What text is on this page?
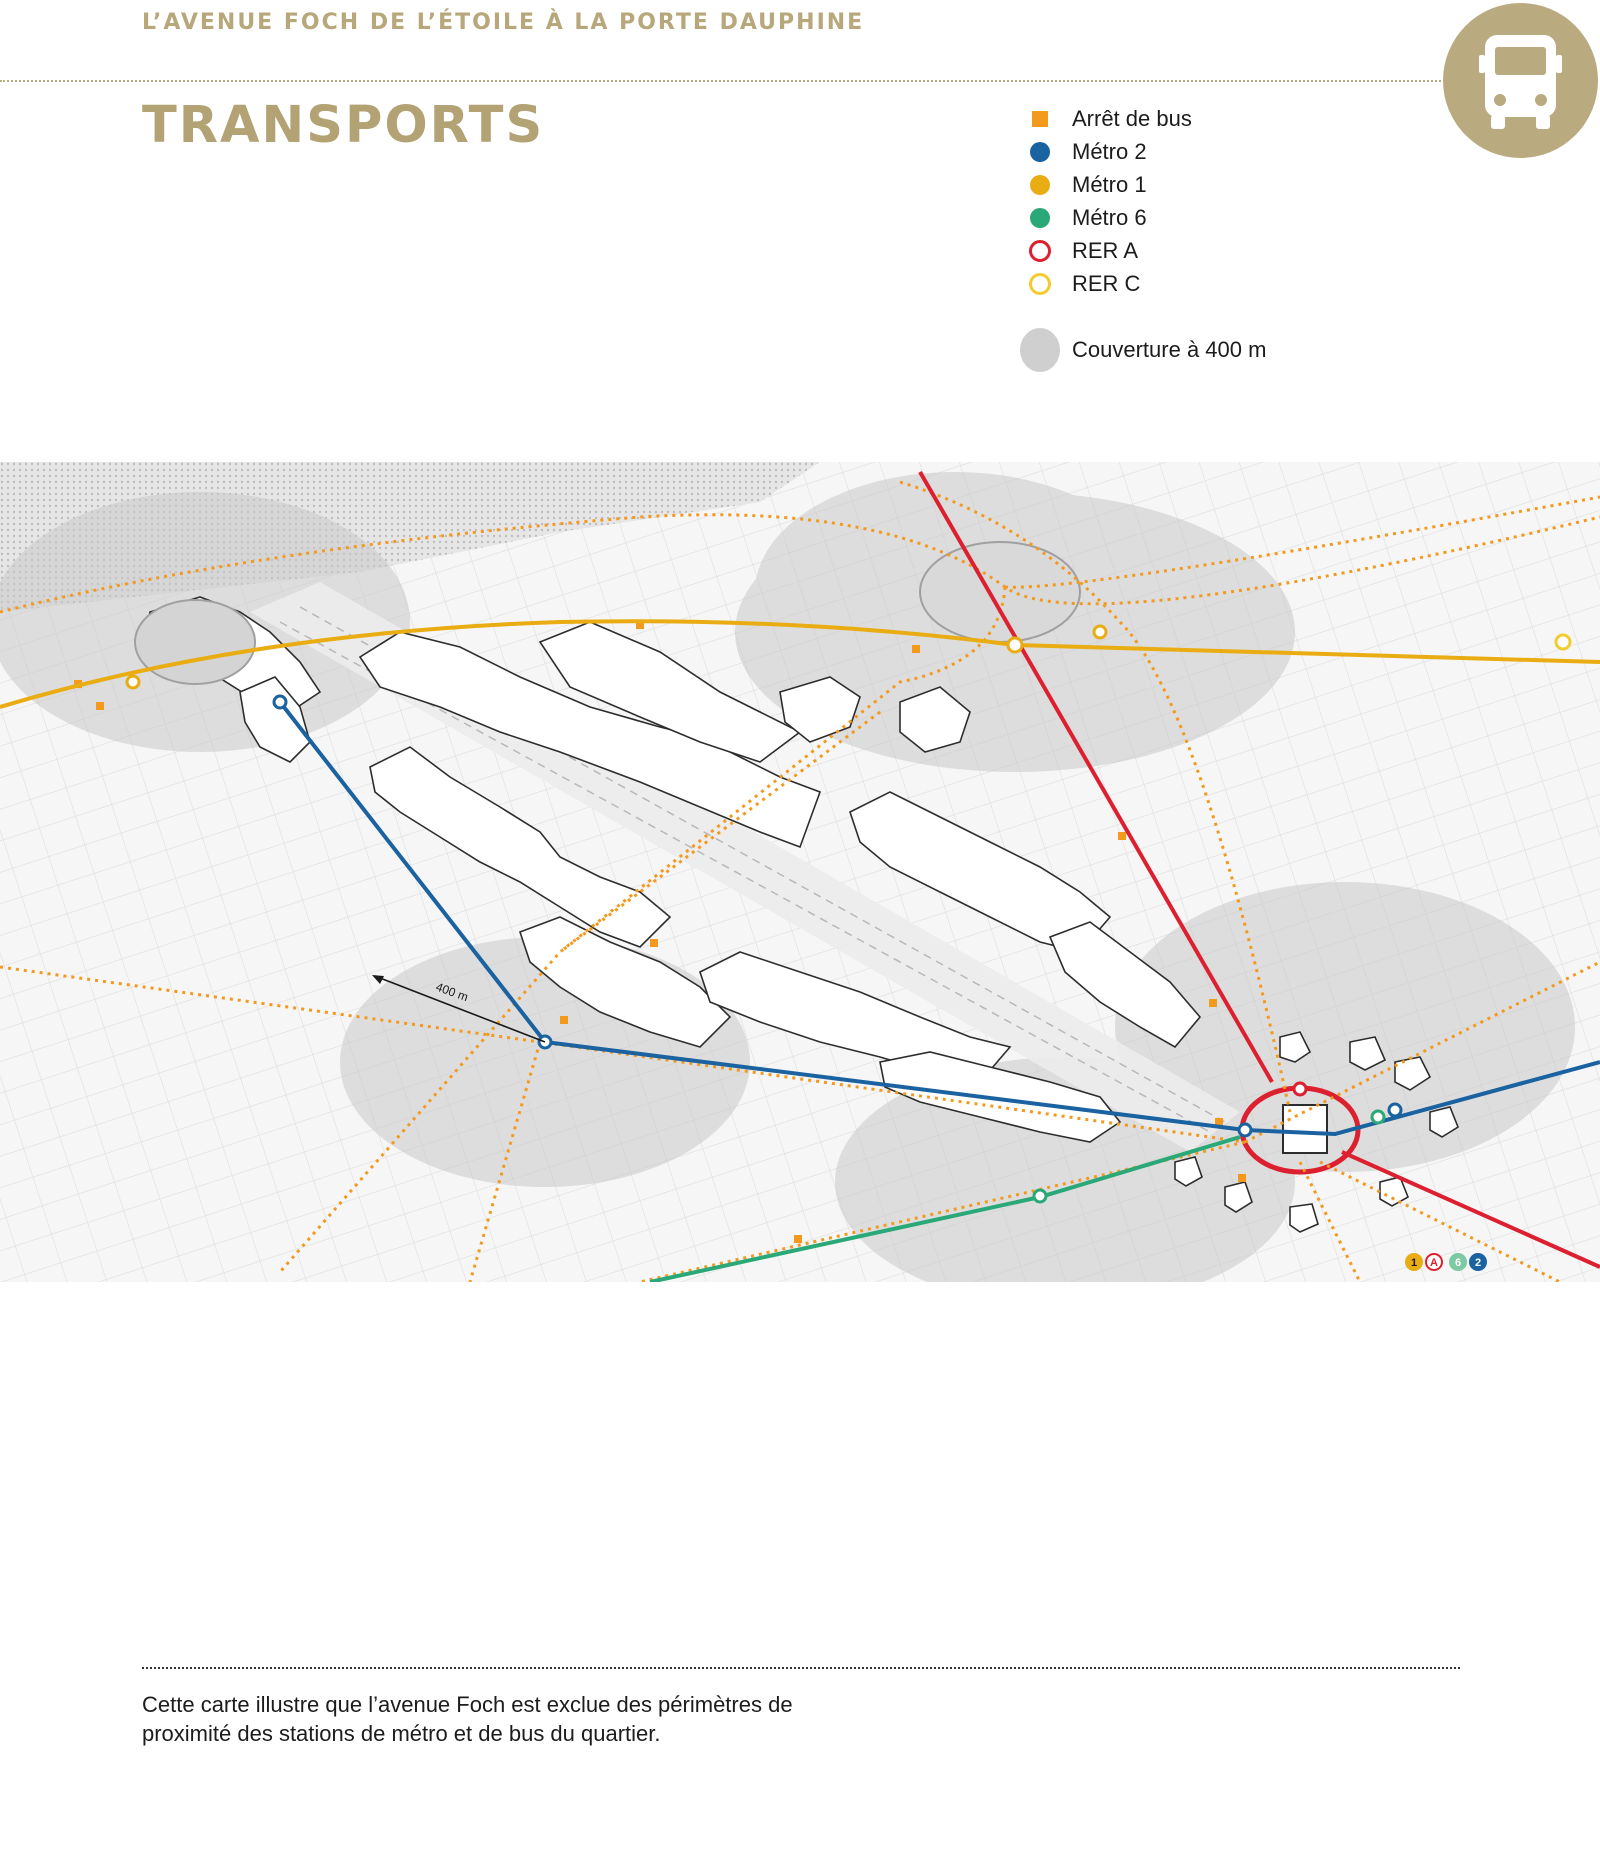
L’AVENUE FOCH DE L’ÉTOILE À LA PORTE DAUPHINE
TRANSPORTS	Arrêt de bus
Métro 2
Métro 1
Métro 6
RER A
RER C
Couverture à 400 m
400 m
1 A 6 2

Cette carte illustre que l’avenue Foch est exclue des périmètres de proximité des stations de métro et de bus du quartier.
